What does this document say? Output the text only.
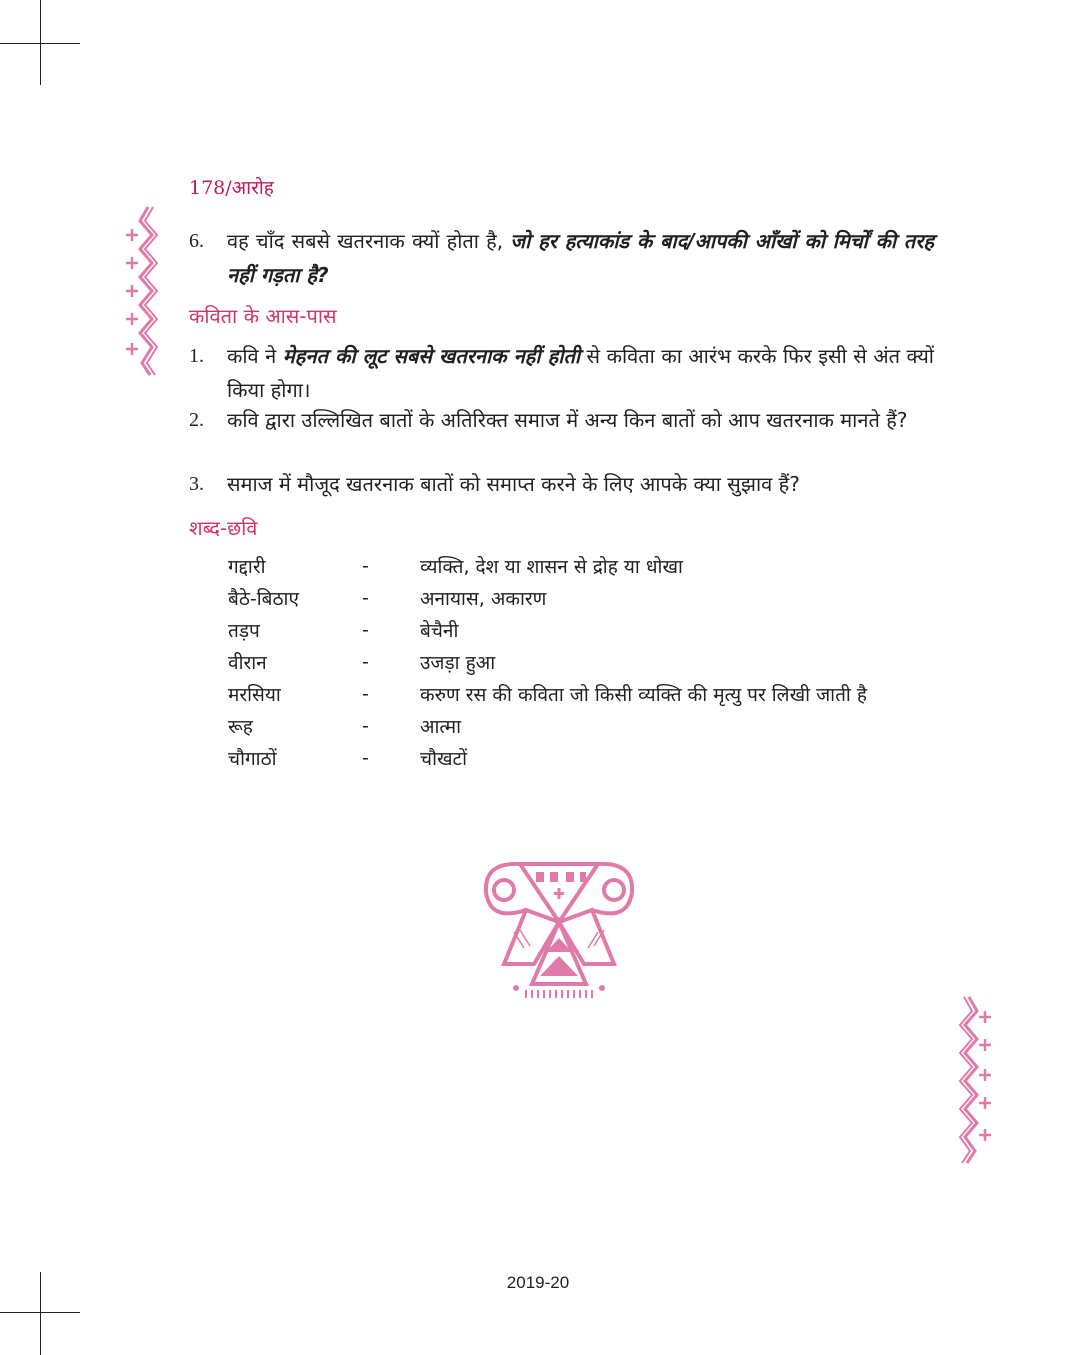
178/आरोह
6.	वह चाँद सबसे खतरनाक क्यों होता है, जो हर हत्याकांड के बाद/आपकी आँखों को मिर्चों की तरह नहीं गड़ता है?
कविता के आस-पास
1.	कवि ने मेहनत की लूट सबसे खतरनाक नहीं होती से कविता का आरंभ करके फिर इसी से अंत क्यों किया होगा।
2.	कवि द्वारा उल्लिखित बातों के अतिरिक्त समाज में अन्य किन बातों को आप खतरनाक मानते हैं?
3.	समाज में मौजूद खतरनाक बातों को समाप्त करने के लिए आपके क्या सुझाव हैं?
शब्द-छवि
गद्दारी	-	व्यक्ति, देश या शासन से द्रोह या धोखा
बैठे-बिठाए	-	अनायास, अकारण
तड़प	-	बेचैनी
वीरान	-	उजड़ा हुआ
मरसिया	-	करुण रस की कविता जो किसी व्यक्ति की मृत्यु पर लिखी जाती है
रूह	-	आत्मा
चौगाठों	-	चौखटों
2019-20
